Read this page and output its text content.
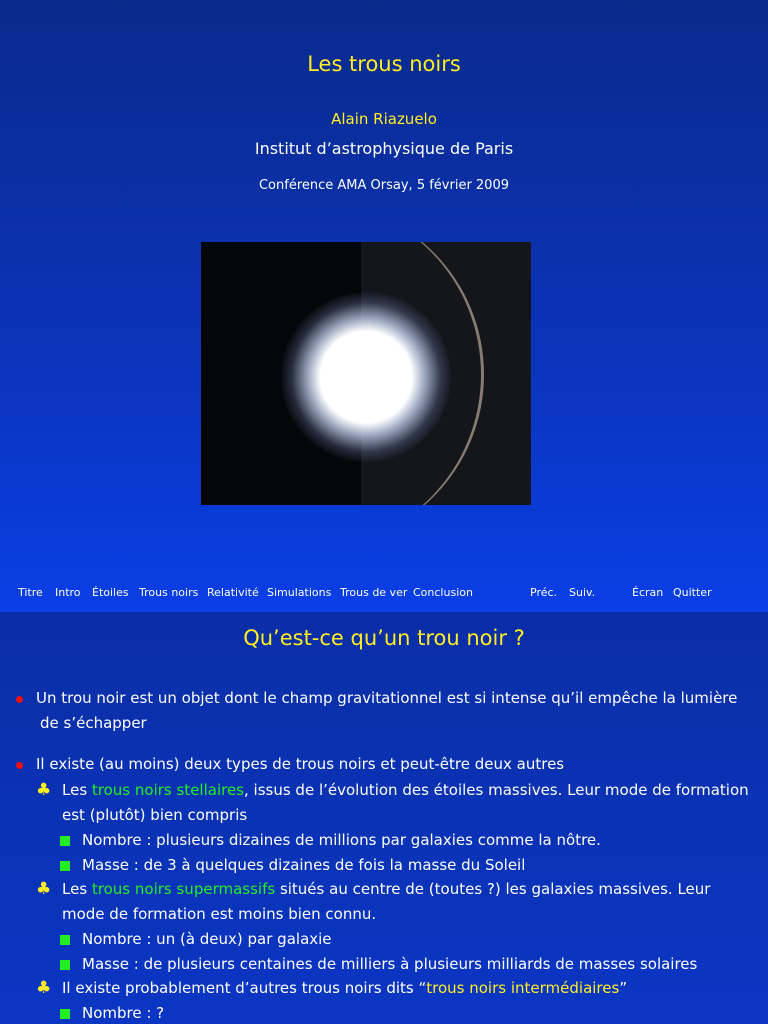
Les trous noirs
Alain Riazuelo
Institut d’astrophysique de Paris
Conférence AMA Orsay, 5 février 2009
Titre Intro Étoiles Trous noirs Relativité Simulations Trous de ver Conclusion	Préc. Suiv.	Écran Quitter
Qu’est-ce qu’un trou noir ?
Un trou noir est un objet dont le champ gravitationnel est si intense qu’il empêche la lumière
de s’échapper
Il existe (au moins) deux types de trous noirs et peut-être deux autres
♣ Les trous noirs stellaires, issus de l’évolution des étoiles massives. Leur mode de formation
est (plutôt) bien compris
Nombre : plusieurs dizaines de millions par galaxies comme la nôtre.
Masse : de 3 à quelques dizaines de fois la masse du Soleil
♣ Les trous noirs supermassifs situés au centre de (toutes ?) les galaxies massives. Leur
mode de formation est moins bien connu.
Nombre : un (à deux) par galaxie
Masse : de plusieurs centaines de milliers à plusieurs milliards de masses solaires
♣ Il existe probablement d’autres trous noirs dits “trous noirs intermédiaires”
Nombre : ?
